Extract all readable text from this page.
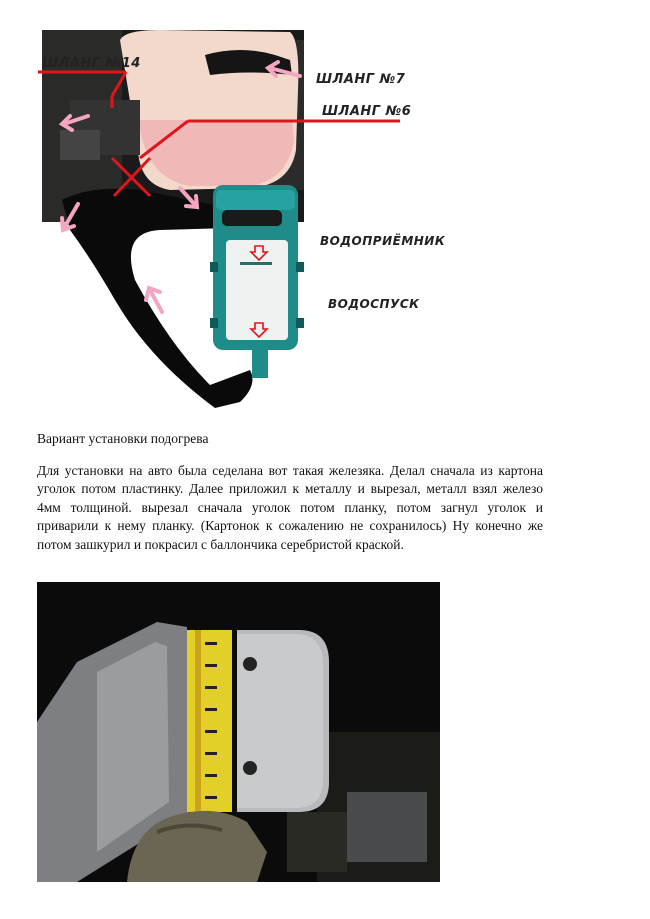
ШЛАНГ №14
ШЛАНГ №7
ШЛАНГ №6
ВОДОПРИЁМНИК
ВОДОСПУСК
Вариант установки подогрева

Для установки на авто была седелана вот такая железяка. Делал сначала из картона уголок потом пластинку. Далее приложил к металлу и вырезал, металл взял железо 4мм толщиной. вырезал сначала уголок потом планку, потом загнул уголок и приварили к нему планку. (Картонок к сожалению не сохранилось) Ну конечно же потом зашкурил и покрасил с баллончика серебристой краской.
